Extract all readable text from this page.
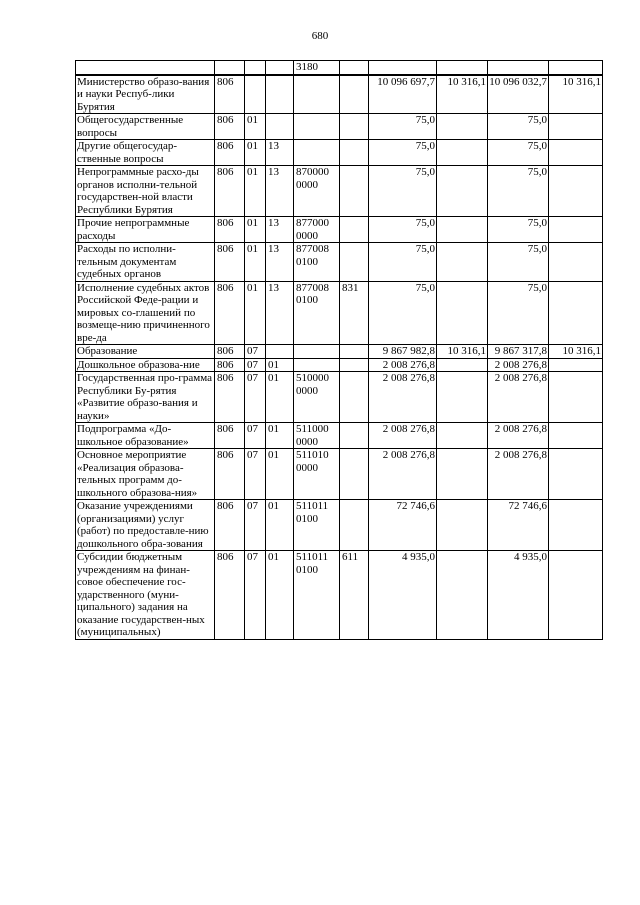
680
				3180					
Министерство образо-вания и науки Респуб-лики Бурятия	806					10 096 697,7	10 316,1	10 096 032,7	10 316,1
Общегосударственные вопросы	806	01				75,0		75,0	
Другие общегосудар-ственные вопросы	806	01	13			75,0		75,0	
Непрограммные расхо-ды органов исполни-тельной государствен-ной власти Республики Бурятия	806	01	13	870000 0000		75,0		75,0	
Прочие непрограммные расходы	806	01	13	877000 0000		75,0		75,0	
Расходы по исполни-тельным документам судебных органов	806	01	13	877008 0100		75,0		75,0	
Исполнение судебных актов Российской Феде-рации и мировых со-глашений по возмеще-нию причиненного вре-да	806	01	13	877008 0100	831	75,0		75,0	
Образование	806	07				9 867 982,8	10 316,1	9 867 317,8	10 316,1
Дошкольное образова-ние	806	07	01			2 008 276,8		2 008 276,8	
Государственная про-грамма Республики Бу-рятия «Развитие образо-вания и науки»	806	07	01	510000 0000		2 008 276,8		2 008 276,8	
Подпрограмма «До-школьное образование»	806	07	01	511000 0000		2 008 276,8		2 008 276,8	
Основное мероприятие «Реализация образова-тельных программ до-школьного образова-ния»	806	07	01	511010 0000		2 008 276,8		2 008 276,8	
Оказание учреждениями (организациями) услуг (работ) по предоставле-нию дошкольного обра-зования	806	07	01	511011 0100		72 746,6		72 746,6	
Субсидии бюджетным учреждениям на финан-совое обеспечение гос-ударственного (муни-ципального) задания на оказание государствен-ных (муниципальных)	806	07	01	511011 0100	611	4 935,0		4 935,0	
